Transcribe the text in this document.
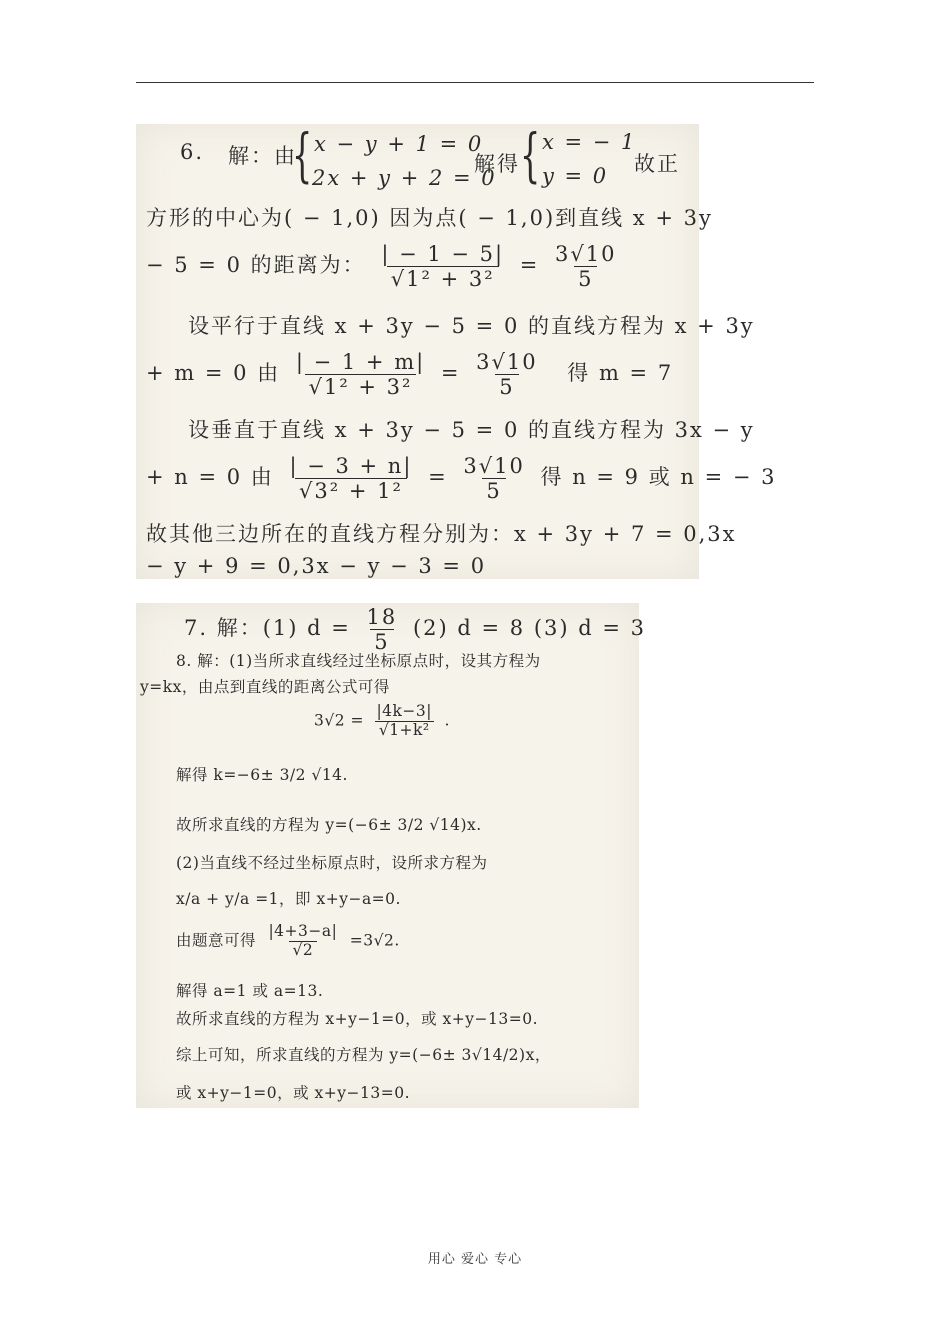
6. 解：由
{ x − y + 1 = 0
2x + y + 2 = 0
解得 { x = − 1
y = 0 故正
方形的中心为( − 1,0) 因为点( − 1,0)到直线 x + 3y
− 5 = 0 的距离为： $\frac{| - 1 - 5|}{\text{√1² + 3²}} = \frac{3√10}{5}$
设平行于直线 x + 3y − 5 = 0 的直线方程为 x + 3y
+ m = 0 由 $\frac{| - 1 + m|}{\text{√1² + 3²}} = \frac{3√10}{5}$ 得 m = 7
设垂直于直线 x + 3y − 5 = 0 的直线方程为 3x − y
+ n = 0 由 $\frac{| - 3 + n|}{\text{√3² + 1²}} = \frac{3√10}{5}$ 得 n = 9 或 n = − 3
故其他三边所在的直线方程分别为：x + 3y + 7 = 0,3x
− y + 9 = 0,3x − y − 3 = 0
7. 解：(1) $d = \frac{18}{5} (2) d = 8$ (3) d = 3
8. 解：(1)当所求直线经过坐标原点时，设其方程为
y=kx，由点到直线的距离公式可得
$3√2 = \frac{|4k-3|}{\text{√1+k²}}$ .
解得 k=−6± 3/2 √14.
故所求直线的方程为 y=(−6± 3/2 √14)x.
(2)当直线不经过坐标原点时，设所求方程为
x/a + y/a =1，即 x+y−a=0.
由题意可得 $\frac{|4+3-a|}{√2} =3√2$.
解得 a=1 或 a=13.
故所求直线的方程为 x+y−1=0，或 x+y−13=0.
综上可知，所求直线的方程为 y=(−6± 3√14/2)x，
或 x+y−1=0，或 x+y−13=0.
用心 爱心 专心
